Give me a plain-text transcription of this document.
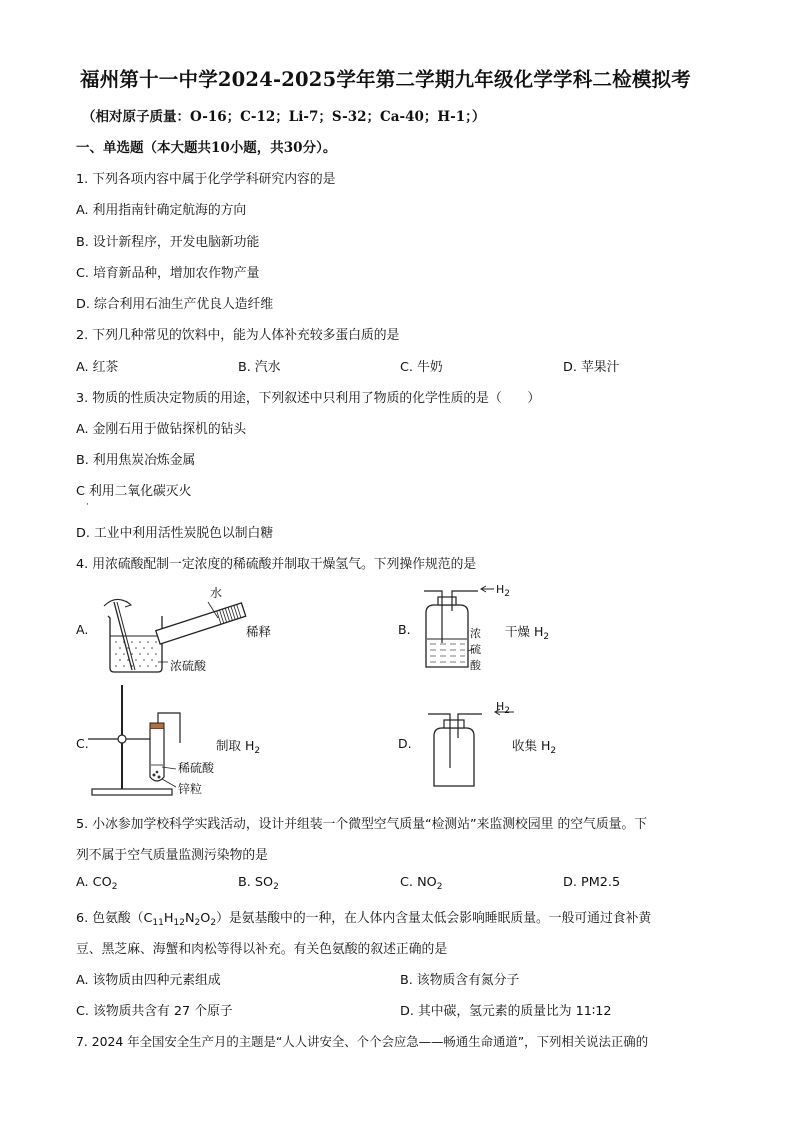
福州第十一中学2024-2025学年第二学期九年级化学学科二检模拟考
（相对原子质量：O-16；C-12；Li-7；S-32；Ca-40；H-1；）
一、单选题（本大题共10小题，共30分）。
1. 下列各项内容中属于化学学科研究内容的是
A. 利用指南针确定航海的方向
B. 设计新程序，开发电脑新功能
C. 培育新品种，增加农作物产量
D. 综合利用石油生产优良人造纤维
2. 下列几种常见的饮料中，能为人体补充较多蛋白质的是
A. 红茶	B. 汽水	C. 牛奶	D. 苹果汁
3. 物质的性质决定物质的用途，下列叙述中只利用了物质的化学性质的是（　　）
A. 金刚石用于做钻探机的钻头
B. 利用焦炭冶炼金属
C 利用二氧化碳灭火
·
D. 工业中利用活性炭脱色以制白糖
4. 用浓硫酸配制一定浓度的稀硫酸并制取干燥氢气。下列操作规范的是
A.	稀释
水
浓硫酸
B.
$H_2$
浓
硫
酸
干燥 $H_2$
C.
稀硫酸
锌粒
制取 $H_2$	D.
$H_2$
收集 $H_2$
5. 小冰参加学校科学实践活动，设计并组装一个微型空气质量“检测站”来监测校园里 的空气质量。下
列不属于空气质量监测污染物的是
A. $CO_2$	B. $SO_2$	C. $NO_2$	D. PM2.5
6. 色氨酸$(C_{11}H_{12}N_2O_2)$是氨基酸中的一种，在人体内含量太低会影响睡眠质量。一般可通过食补黄
豆、黑芝麻、海蟹和肉松等得以补充。有关色氨酸的叙述正确的是
A. 该物质由四种元素组成	B. 该物质含有氮分子
C. 该物质共含有 27 个原子	D. 其中碳，氢元素的质量比为 11∶12
7. 2024 年全国安全生产月的主题是“人人讲安全、个个会应急——畅通生命通道”，下列相关说法正确的
